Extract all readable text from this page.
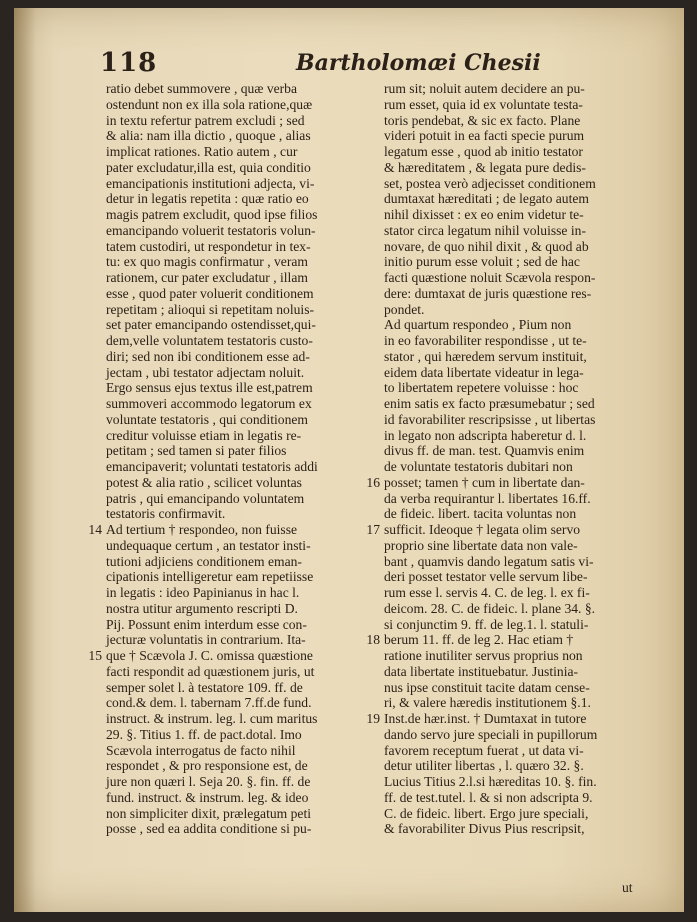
118	Bartholomæi Chesii
ratio debet summovere , quæ verba
ostendunt non ex illa sola ratione,quæ
in textu refertur patrem excludi ; sed
& alia: nam illa dictio , quoque , alias
implicat rationes. Ratio autem , cur
pater excludatur,illa est, quia conditio
emancipationis institutioni adjecta, vi-
detur in legatis repetita : quæ ratio eo
magis patrem excludit, quod ipse filios
emancipando voluerit testatoris volun-
tatem custodiri, ut respondetur in tex-
tu: ex quo magis confirmatur , veram
rationem, cur pater excludatur , illam
esse , quod pater voluerit conditionem
repetitam ; alioqui si repetitam noluis-
set pater emancipando ostendisset,qui-
dem,velle voluntatem testatoris custo-
diri; sed non ibi conditionem esse ad-
jectam , ubi testator adjectam noluit.
Ergo sensus ejus textus ille est,patrem
summoveri accommodo legatorum ex
voluntate testatoris , qui conditionem
creditur voluisse etiam in legatis re-
petitam ; sed tamen si pater filios
emancipaverit; voluntati testatoris addi
potest & alia ratio , scilicet voluntas
patris , qui emancipando voluntatem
testatoris confirmavit.
14 Ad tertium † respondeo, non fuisse
undequaque certum , an testator insti-
tutioni adjiciens conditionem eman-
cipationis intelligeretur eam repetiisse
in legatis : ideo Papinianus in hac l.
nostra utitur argumento rescripti D.
Pij. Possunt enim interdum esse con-
jecturæ voluntatis in contrarium. Ita-
15 que † Scævola J. C. omissa quæstione
facti respondit ad quæstionem juris, ut
semper solet l. à testatore 109. ff. de
cond.& dem. l. tabernam 7.ff.de fund.
instruct. & instrum. leg. l. cum maritus
29. §. Titius 1. ff. de pact.dotal. Imo
Scævola interrogatus de facto nihil
respondet , & pro responsione est, de
jure non quæri l. Seja 20. §. fin. ff. de
fund. instruct. & instrum. leg. & ideo
non simpliciter dixit, prælegatum peti
posse , sed ea addita conditione si pu-
rum sit; noluit autem decidere an pu-
rum esset, quia id ex voluntate testa-
toris pendebat, & sic ex facto. Plane
videri potuit in ea facti specie purum
legatum esse , quod ab initio testator
& hæreditatem , & legata pure dedis-
set, postea verò adjecisset conditionem
dumtaxat hæreditati ; de legato autem
nihil dixisset : ex eo enim videtur te-
stator circa legatum nihil voluisse in-
novare, de quo nihil dixit , & quod ab
initio purum esse voluit ; sed de hac
facti quæstione noluit Scævola respon-
dere: dumtaxat de juris quæstione res-
pondet.
Ad quartum respondeo , Pium non
in eo favorabiliter respondisse , ut te-
stator , qui hæredem servum instituit,
eidem data libertate videatur in lega-
to libertatem repetere voluisse : hoc
enim satis ex facto præsumebatur ; sed
id favorabiliter rescripsisse , ut libertas
in legato non adscripta haberetur d. l.
divus ff. de man. test. Quamvis enim
de voluntate testatoris dubitari non
16 posset; tamen † cum in libertate dan-
da verba requirantur l. libertates 16.ff.
de fideic. libert. tacita voluntas non
17 sufficit. Ideoque † legata olim servo
proprio sine libertate data non vale-
bant , quamvis dando legatum satis vi-
deri posset testator velle servum libe-
rum esse l. servis 4. C. de leg. l. ex fi-
deicom. 28. C. de fideic. l. plane 34. §.
si conjunctim 9. ff. de leg.1. l. statuli-
18 berum 11. ff. de leg 2. Hac etiam †
ratione inutiliter servus proprius non
data libertate instituebatur. Justinia-
nus ipse constituit tacite datam cense-
ri, & valere hæredis institutionem §.1.
19 Inst.de hær.inst. † Dumtaxat in tutore
dando servo jure speciali in pupillorum
favorem receptum fuerat , ut data vi-
detur utiliter libertas , l. quæro 32. §.
Lucius Titius 2.l.si hæreditas 10. §. fin.
ff. de test.tutel. l. & si non adscripta 9.
C. de fideic. libert. Ergo jure speciali,
& favorabiliter Divus Pius rescripsit,
ut
